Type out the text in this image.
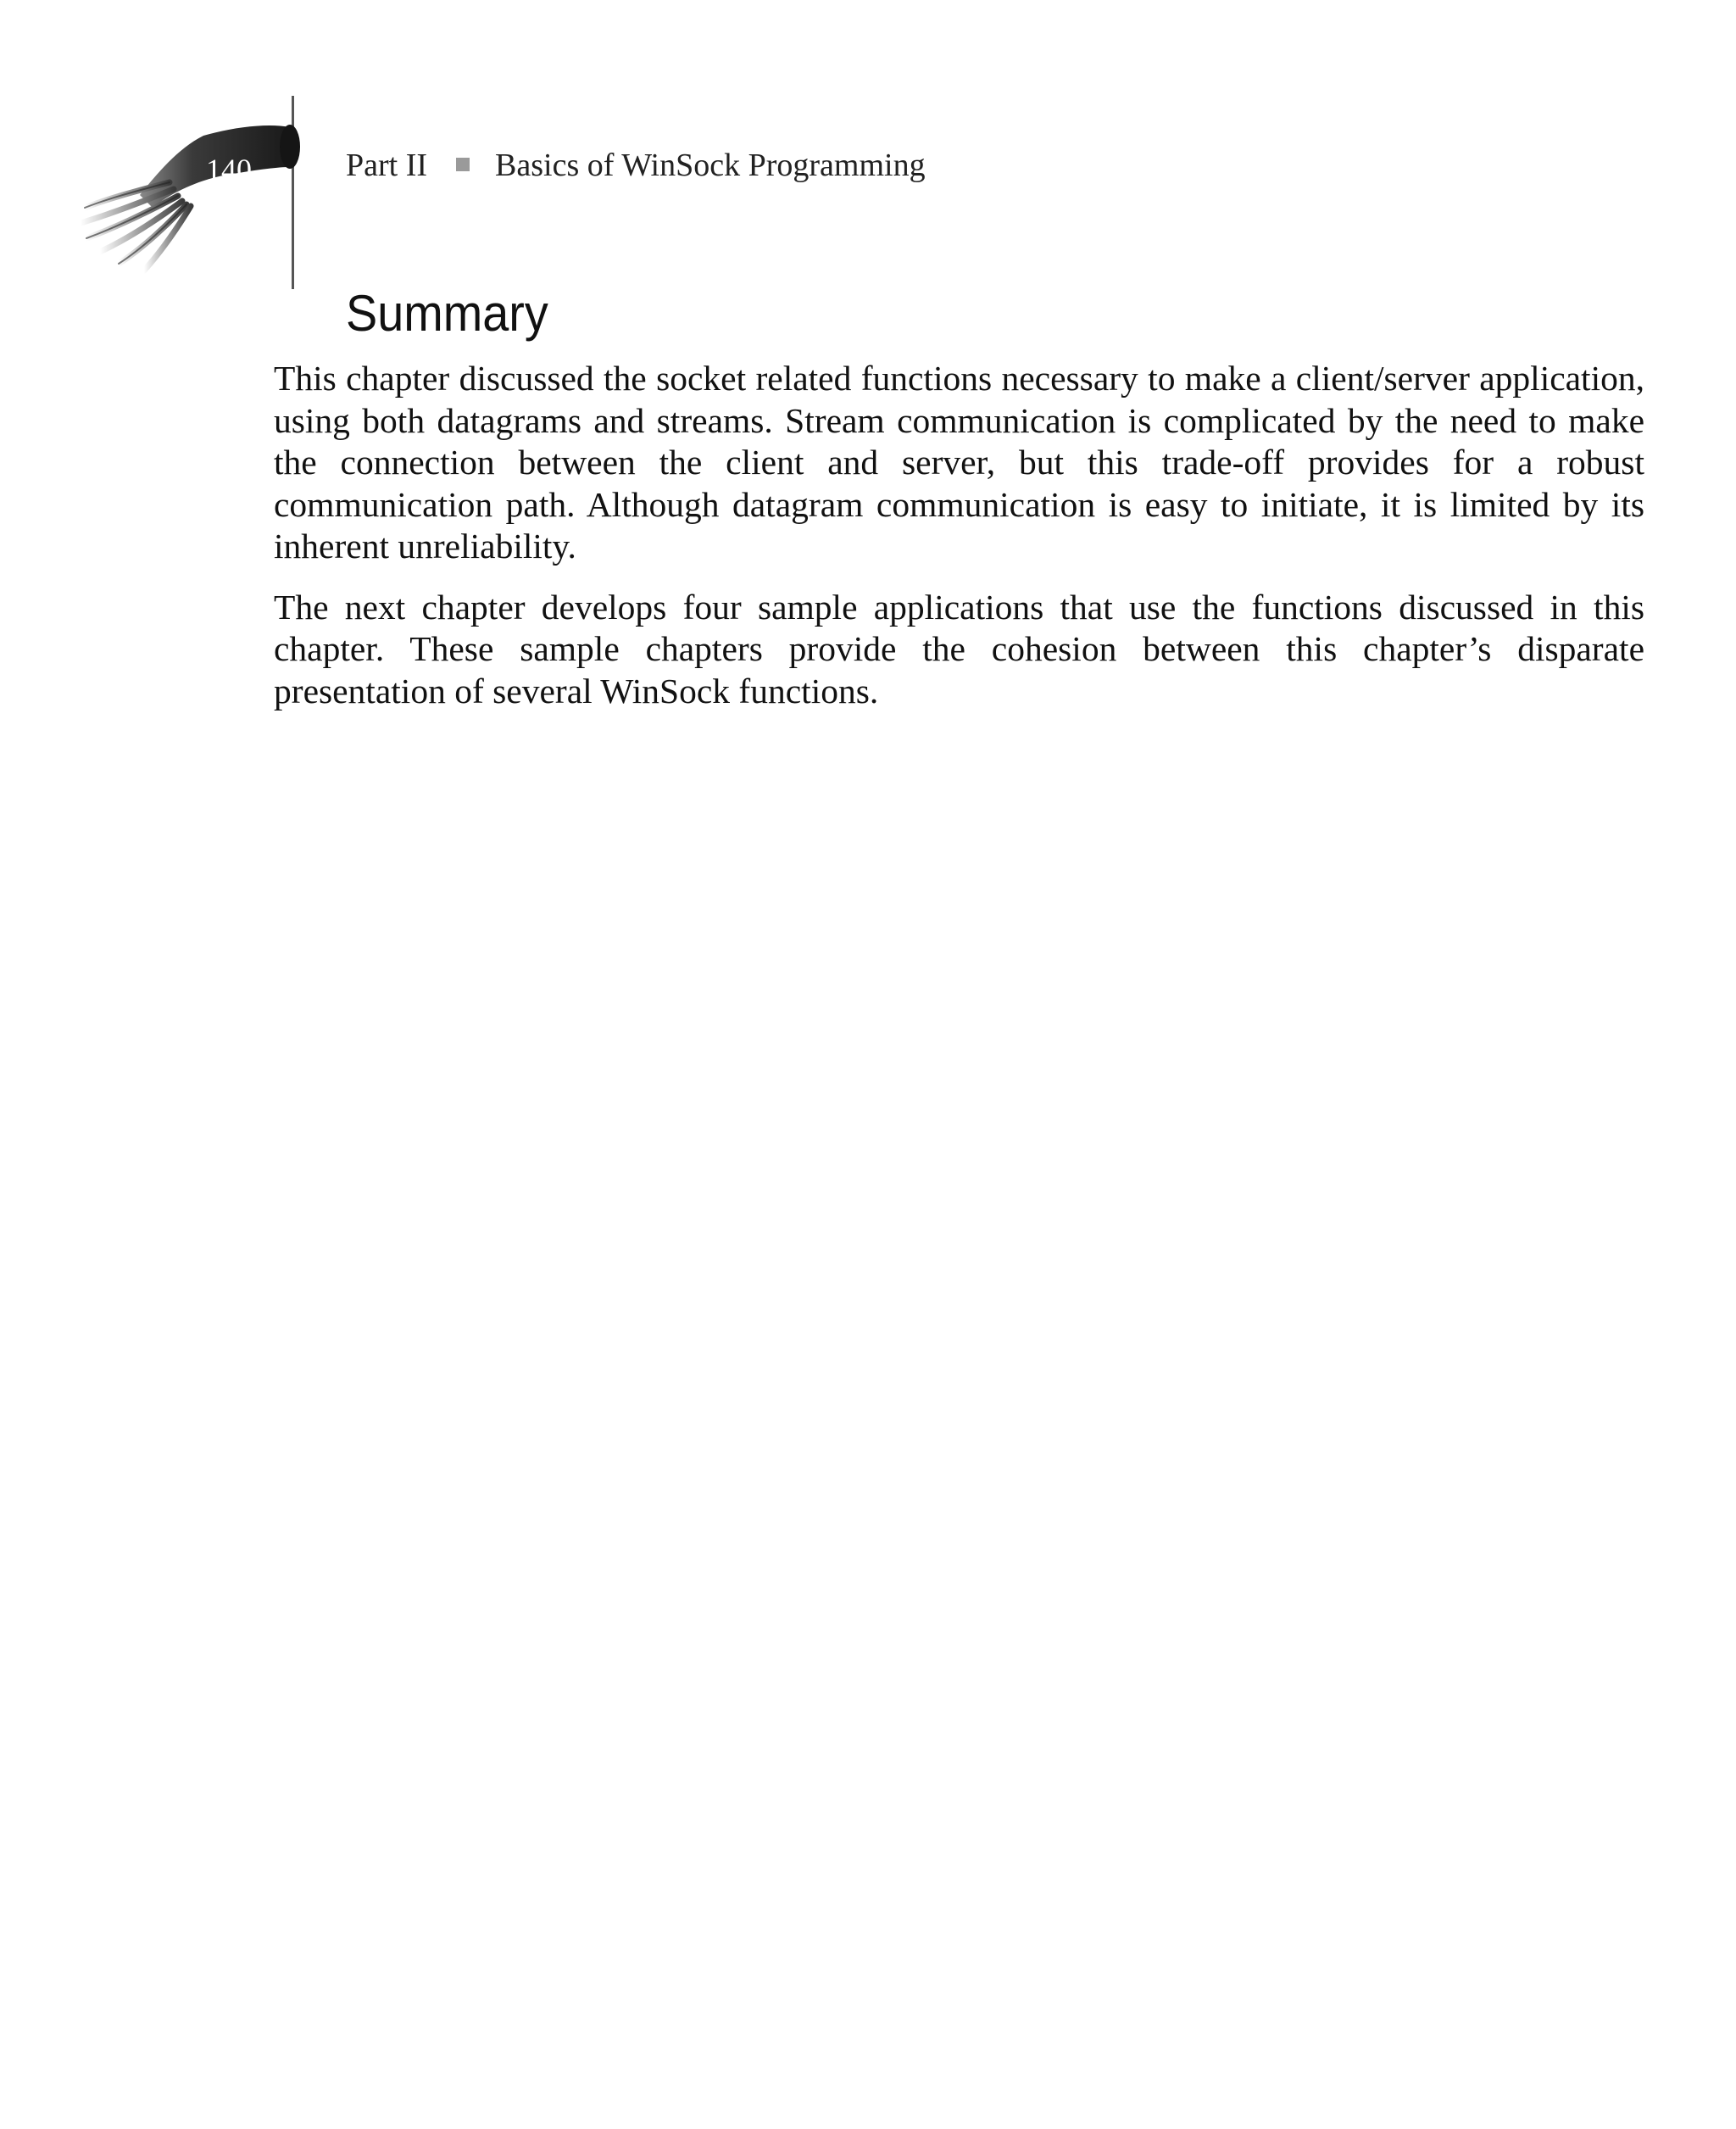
140	Part II Basics of WinSock Programming
Summary

This chapter discussed the socket related functions necessary to make a client/server application, using both datagrams and streams. Stream communication is complicated by the need to make the connection between the client and server, but this trade-off provides for a robust communication path. Although datagram communication is easy to initiate, it is limited by its inherent unreliability.

The next chapter develops four sample applications that use the functions discussed in this chapter. These sample chapters provide the cohesion between this chapter’s disparate presentation of several WinSock functions.
